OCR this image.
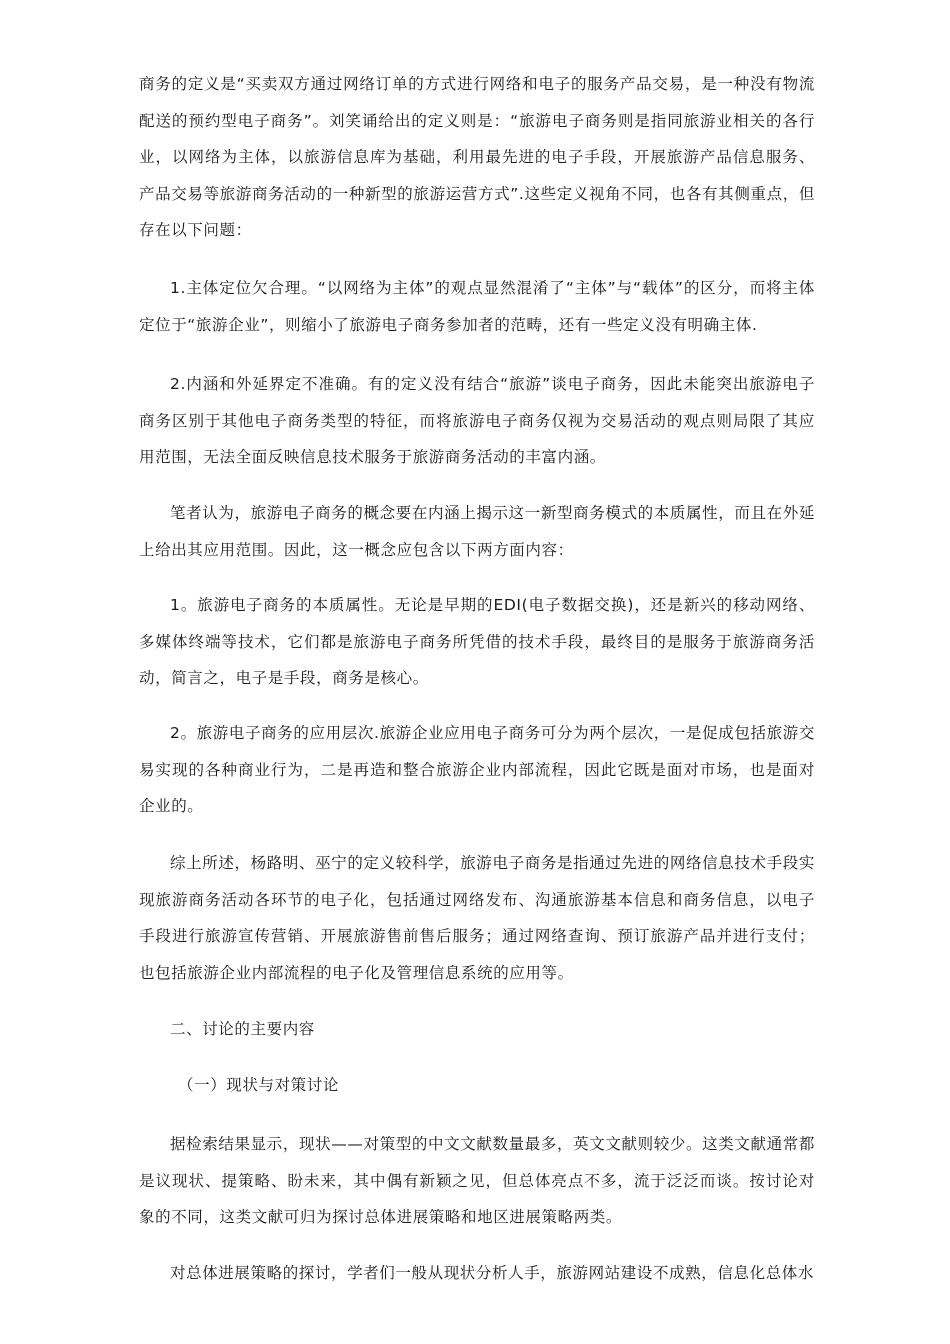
商务的定义是“买卖双方通过网络订单的方式进行网络和电子的服务产品交易，是一种没有物流配送的预约型电子商务”。刘笑诵给出的定义则是：“旅游电子商务则是指同旅游业相关的各行业，以网络为主体，以旅游信息库为基础，利用最先进的电子手段，开展旅游产品信息服务、产品交易等旅游商务活动的一种新型的旅游运营方式”.这些定义视角不同，也各有其侧重点，但存在以下问题：

1.主体定位欠合理。“以网络为主体”的观点显然混淆了“主体”与“载体”的区分，而将主体定位于“旅游企业”，则缩小了旅游电子商务参加者的范畴，还有一些定义没有明确主体.

2.内涵和外延界定不准确。有的定义没有结合“旅游”谈电子商务，因此未能突出旅游电子商务区别于其他电子商务类型的特征，而将旅游电子商务仅视为交易活动的观点则局限了其应用范围，无法全面反映信息技术服务于旅游商务活动的丰富内涵。

笔者认为，旅游电子商务的概念要在内涵上揭示这一新型商务模式的本质属性，而且在外延上给出其应用范围。因此，这一概念应包含以下两方面内容：

1。旅游电子商务的本质属性。无论是早期的EDI(电子数据交换)，还是新兴的移动网络、多媒体终端等技术，它们都是旅游电子商务所凭借的技术手段，最终目的是服务于旅游商务活动，简言之，电子是手段，商务是核心。

2。旅游电子商务的应用层次.旅游企业应用电子商务可分为两个层次，一是促成包括旅游交易实现的各种商业行为，二是再造和整合旅游企业内部流程，因此它既是面对市场，也是面对企业的。

综上所述，杨路明、巫宁的定义较科学，旅游电子商务是指通过先进的网络信息技术手段实现旅游商务活动各环节的电子化，包括通过网络发布、沟通旅游基本信息和商务信息，以电子手段进行旅游宣传营销、开展旅游售前售后服务；通过网络查询、预订旅游产品并进行支付；也包括旅游企业内部流程的电子化及管理信息系统的应用等。

二、讨论的主要内容

（一）现状与对策讨论

据检索结果显示，现状——对策型的中文文献数量最多，英文文献则较少。这类文献通常都是议现状、提策略、盼未来，其中偶有新颖之见，但总体亮点不多，流于泛泛而谈。按讨论对象的不同，这类文献可归为探讨总体进展策略和地区进展策略两类。

对总体进展策略的探讨，学者们一般从现状分析人手，旅游网站建设不成熟，信息化总体水
